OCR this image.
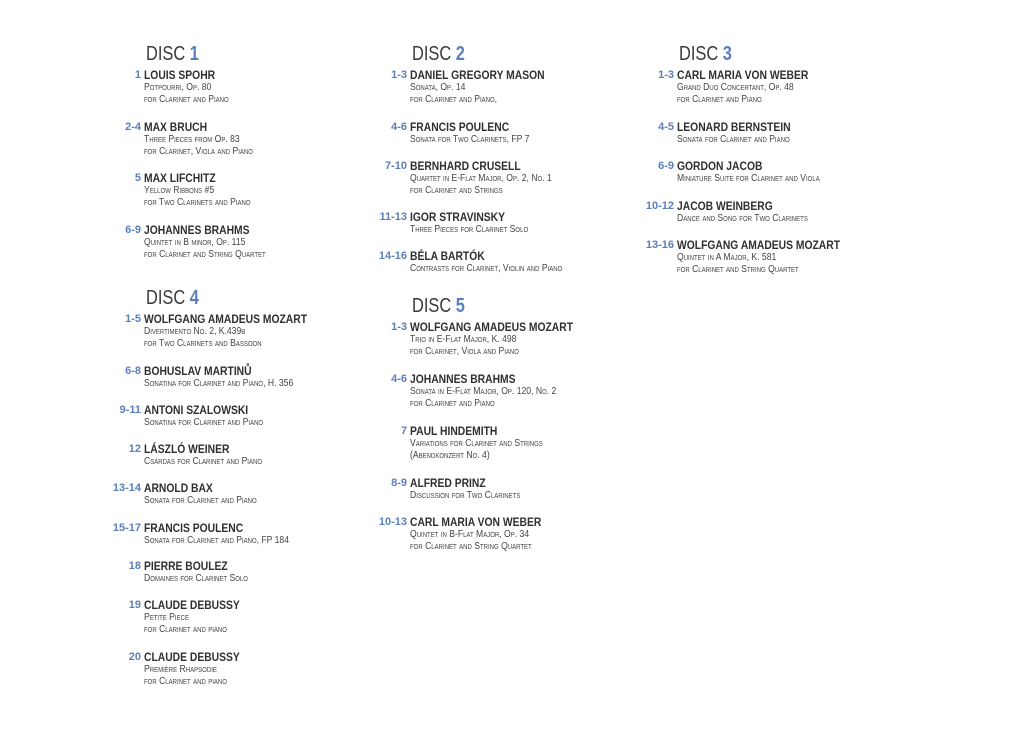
DISC 1
1 LOUIS SPOHR
Potpourri, Op. 80
for Clarinet and Piano
2-4 MAX BRUCH
Three Pieces from Op. 83
for Clarinet, Viola and Piano
5 MAX LIFCHITZ
Yellow Ribbons #5
for Two Clarinets and Piano
6-9 JOHANNES BRAHMS
Quintet in B minor, Op. 115
for Clarinet and String Quartet
DISC 2
1-3 DANIEL GREGORY MASON
Sonata, Op. 14
for Clarinet and Piano,
4-6 FRANCIS POULENC
Sonata for Two Clarinets, FP 7
7-10 BERNHARD CRUSELL
Quartet in E-Flat Major, Op. 2, No. 1
for Clarinet and Strings
11-13 IGOR STRAVINSKY
Three Pieces for Clarinet Solo
14-16 BÉLA BARTÓK
Contrasts for Clarinet, Violin and Piano
DISC 3
1-3 CARL MARIA VON WEBER
Grand Duo Concertant, Op. 48
for Clarinet and Piano
4-5 LEONARD BERNSTEIN
Sonata for Clarinet and Piano
6-9 GORDON JACOB
Miniature Suite for Clarinet and Viola
10-12 JACOB WEINBERG
Dance and Song for Two Clarinets
13-16 WOLFGANG AMADEUS MOZART
Quintet in A Major, K. 581
for Clarinet and String Quartet
DISC 4
1-5 WOLFGANG AMADEUS MOZART
Divertimento No. 2, K.439b
for Two Clarinets and Bassoon
6-8 BOHUSLAV MARTINŮ
Sonatina for Clarinet and Piano, H. 356
9-11 ANTONI SZALOWSKI
Sonatina for Clarinet and Piano
12 LÁSZLÓ WEINER
Csárdas for Clarinet and Piano
13-14 ARNOLD BAX
Sonata for Clarinet and Piano
15-17 FRANCIS POULENC
Sonata for Clarinet and Piano, FP 184
18 PIERRE BOULEZ
Domaines for Clarinet Solo
19 CLAUDE DEBUSSY
Petite Piece
for Clarinet and piano
20 CLAUDE DEBUSSY
Première Rhapsodie
for Clarinet and piano
DISC 5
1-3 WOLFGANG AMADEUS MOZART
Trio in E-Flat Major, K. 498
for Clarinet, Viola and Piano
4-6 JOHANNES BRAHMS
Sonata in E-Flat Major, Op. 120, No. 2
for Clarinet and Piano
7 PAUL HINDEMITH
Variations for Clarinet and Strings
(Abendkonzert No. 4)
8-9 ALFRED PRINZ
Discussion for Two Clarinets
10-13 CARL MARIA VON WEBER
Quintet in B-Flat Major, Op. 34
for Clarinet and String Quartet
